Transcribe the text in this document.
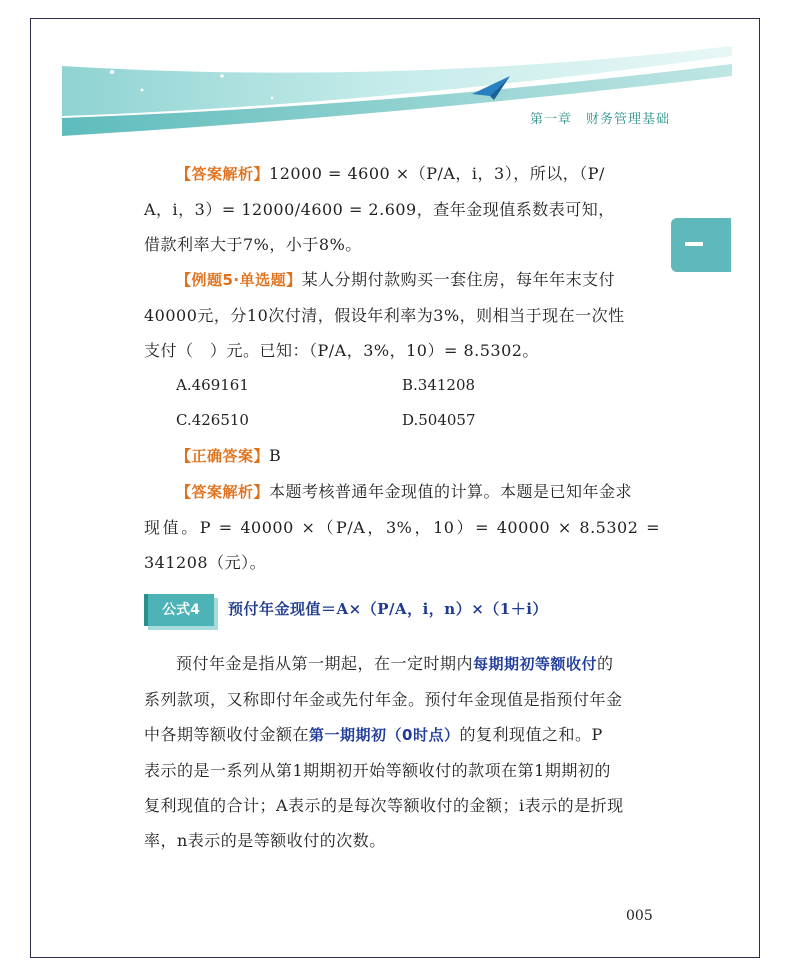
第一章　财务管理基础

【答案解析】12000 = 4600 ×（P/A，i，3），所以，（P/
A，i，3）= 12000/4600 = 2.609，查年金现值系数表可知，
借款利率大于7%，小于8%。

【例题5·单选题】某人分期付款购买一套住房，每年年末支付
40000元，分10次付清，假设年利率为3%，则相当于现在一次性
支付（　）元。已知：（P/A，3%，10）= 8.5302。

A.469161	B.341208
C.426510	D.504057

【正确答案】B

【答案解析】本题考核普通年金现值的计算。本题是已知年金求
现值。P = 40000 ×（P/A，3%，10）= 40000 × 8.5302 = 341208（元）。

公式4	预付年金现值＝A×（P/A，i，n）×（1＋i）

预付年金是指从第一期起，在一定时期内每期期初等额收付的
系列款项，又称即付年金或先付年金。预付年金现值是指预付年金
中各期等额收付金额在第一期期初（0时点）的复利现值之和。P
表示的是一系列从第1期期初开始等额收付的款项在第1期期初的
复利现值的合计；A表示的是每次等额收付的金额；i表示的是折现
率，n表示的是等额收付的次数。

005
